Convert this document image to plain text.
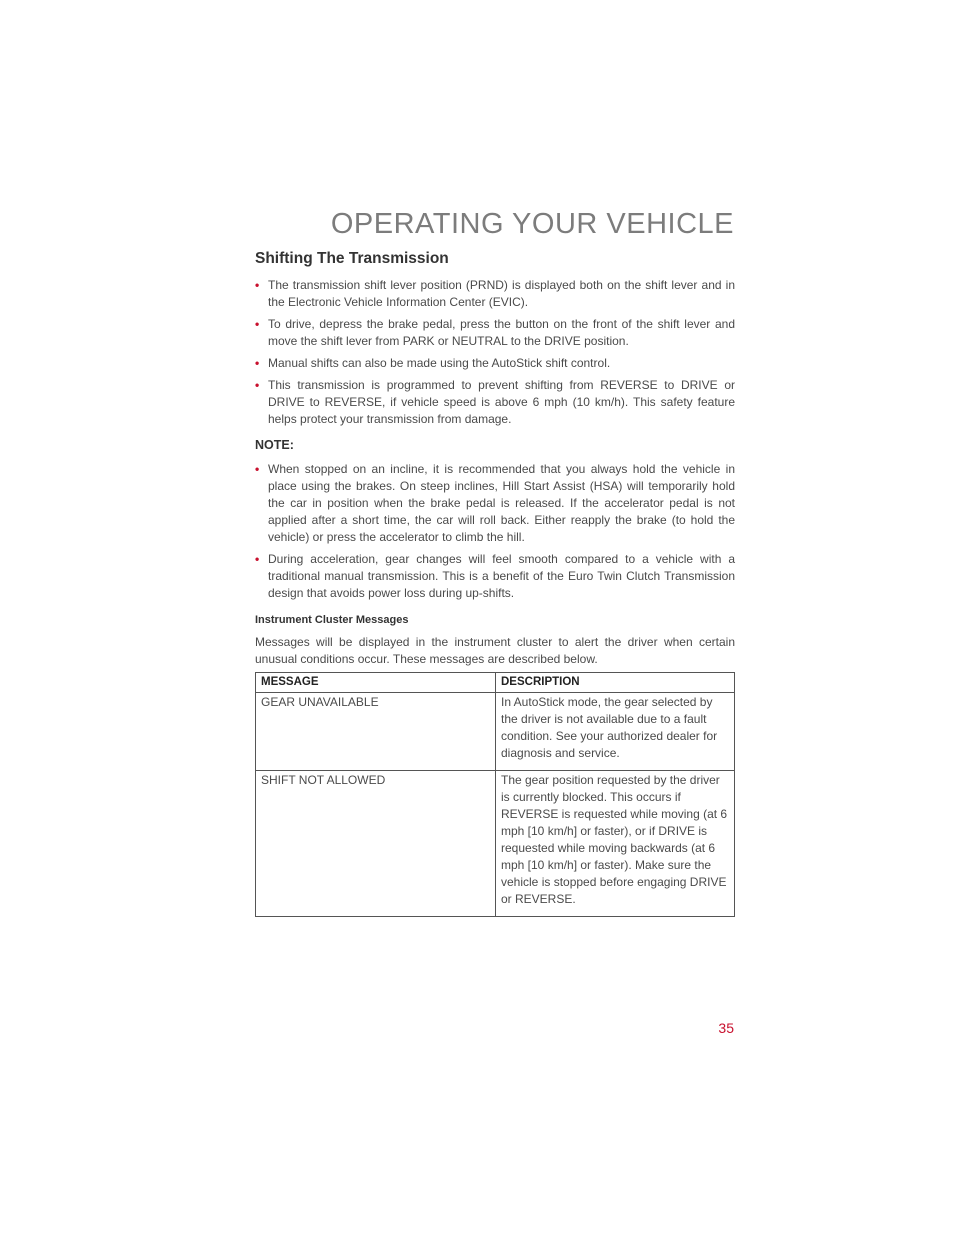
OPERATING YOUR VEHICLE
Shifting The Transmission
• The transmission shift lever position (PRND) is displayed both on the shift lever and in the Electronic Vehicle Information Center (EVIC).
• To drive, depress the brake pedal, press the button on the front of the shift lever and move the shift lever from PARK or NEUTRAL to the DRIVE position.
• Manual shifts can also be made using the AutoStick shift control.
• This transmission is programmed to prevent shifting from REVERSE to DRIVE or DRIVE to REVERSE, if vehicle speed is above 6 mph (10 km/h). This safety feature helps protect your transmission from damage.
NOTE:
• When stopped on an incline, it is recommended that you always hold the vehicle in place using the brakes. On steep inclines, Hill Start Assist (HSA) will temporarily hold the car in position when the brake pedal is released. If the accelerator pedal is not applied after a short time, the car will roll back. Either reapply the brake (to hold the vehicle) or press the accelerator to climb the hill.
• During acceleration, gear changes will feel smooth compared to a vehicle with a traditional manual transmission. This is a benefit of the Euro Twin Clutch Transmission design that avoids power loss during up-shifts.
Instrument Cluster Messages

Messages will be displayed in the instrument cluster to alert the driver when certain unusual conditions occur. These messages are described below.

MESSAGE	DESCRIPTION
GEAR UNAVAILABLE	In AutoStick mode, the gear selected by the driver is not available due to a fault condition. See your authorized dealer for diagnosis and service.
SHIFT NOT ALLOWED	The gear position requested by the driver is currently blocked. This occurs if REVERSE is requested while moving (at 6 mph [10 km/h] or faster), or if DRIVE is requested while moving backwards (at 6 mph [10 km/h] or faster). Make sure the vehicle is stopped before engaging DRIVE or REVERSE.
35
